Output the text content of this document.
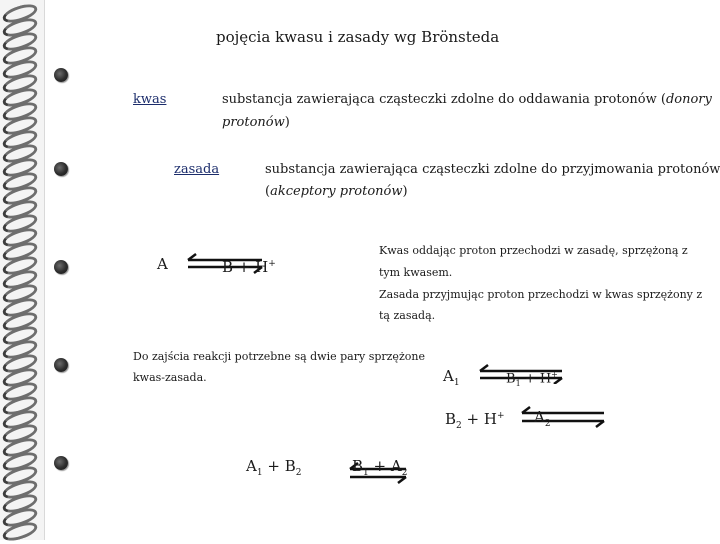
pojęcia kwasu i zasady wg Brönsteda
kwas	substancja zawierająca cząsteczki zdolne do oddawania protonów (donory
protonów)
zasada	substancja zawierająca cząsteczki zdolne do przyjmowania protonów
(akceptory protonów)
A	B + H+
Kwas oddając proton przechodzi w zasadę, sprzężoną z
tym kwasem.
Zasada przyjmując proton przechodzi w kwas sprzężony z
tą zasadą.
Do zajścia reakcji potrzebne są dwie pary sprzężone
kwas-zasada.	$A_1$	$B_1 + H^+$
$B_2 + H^+$ $A_2$
$A_1 + B_2$	$B_1 + A_2$
